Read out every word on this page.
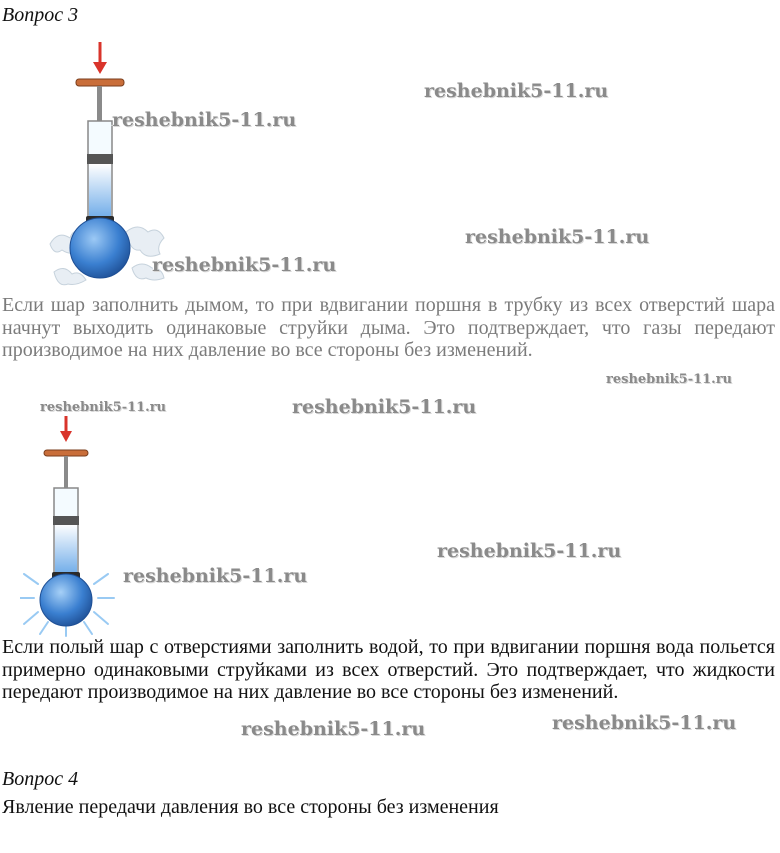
Вопрос 3
reshebnik5-11.ru
reshebnik5-11.ru
reshebnik5-11.ru
reshebnik5-11.ru
Если шар заполнить дымом, то при вдвигании поршня в трубку из всех отверстий шара начнут выходить одинаковые струйки дыма. Это подтверждает, что газы передают производимое на них давление во все стороны без изменений.
reshebnik5-11.ru
reshebnik5-11.ru	reshebnik5-11.ru
reshebnik5-11.ru
reshebnik5-11.ru
Если полый шар с отверстиями заполнить водой, то при вдвигании поршня вода польется примерно одинаковыми струйками из всех отверстий. Это подтверждает, что жидкости передают производимое на них давление во все стороны без изменений.
reshebnik5-11.ru	reshebnik5-11.ru
Вопрос 4
Явление передачи давления во все стороны без изменения
